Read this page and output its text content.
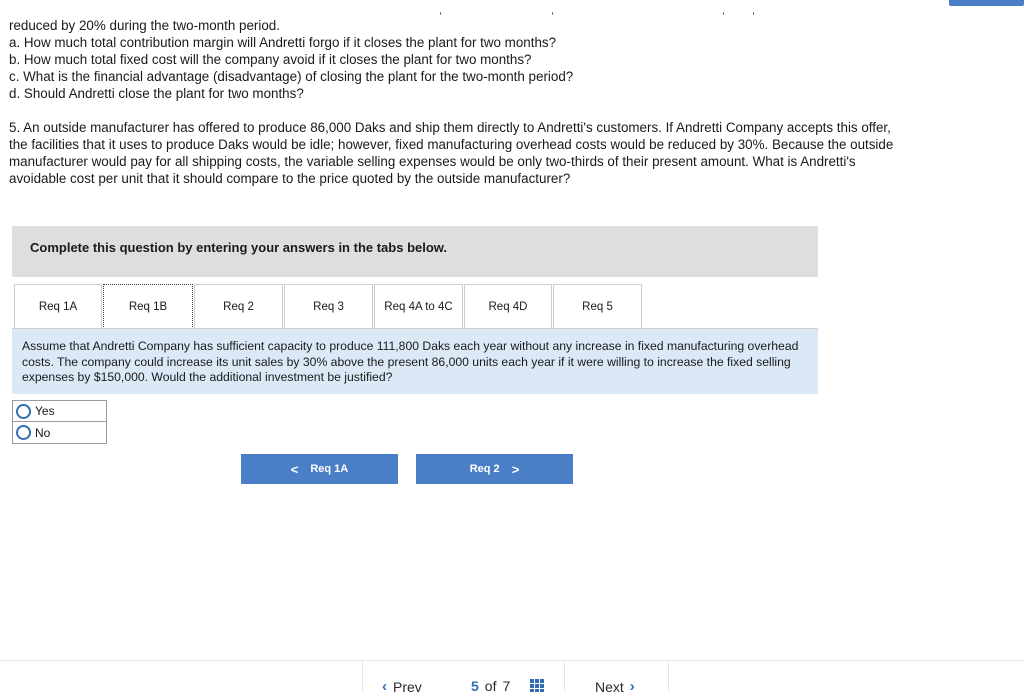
reduced by 20% during the two-month period.

a. How much total contribution margin will Andretti forgo if it closes the plant for two months?

b. How much total fixed cost will the company avoid if it closes the plant for two months?

c. What is the financial advantage (disadvantage) of closing the plant for the two-month period?

d. Should Andretti close the plant for two months?

5. An outside manufacturer has offered to produce 86,000 Daks and ship them directly to Andretti's customers. If Andretti Company accepts this offer, the facilities that it uses to produce Daks would be idle; however, fixed manufacturing overhead costs would be reduced by 30%. Because the outside manufacturer would pay for all shipping costs, the variable selling expenses would be only two-thirds of their present amount. What is Andretti's avoidable cost per unit that it should compare to the price quoted by the outside manufacturer?

Complete this question by entering your answers in the tabs below.
Req 1A	Req 1B	Req 2	Req 3	Req 4A to 4C	Req 4D	Req 5
Assume that Andretti Company has sufficient capacity to produce 111,800 Daks each year without any increase in fixed manufacturing overhead costs. The company could increase its unit sales by 30% above the present 86,000 units each year if it were willing to increase the fixed selling expenses by $150,000. Would the additional investment be justified?
Yes
No
< Req 1A	Req 2 >
‹ Prev	5 of 7	Next ›
